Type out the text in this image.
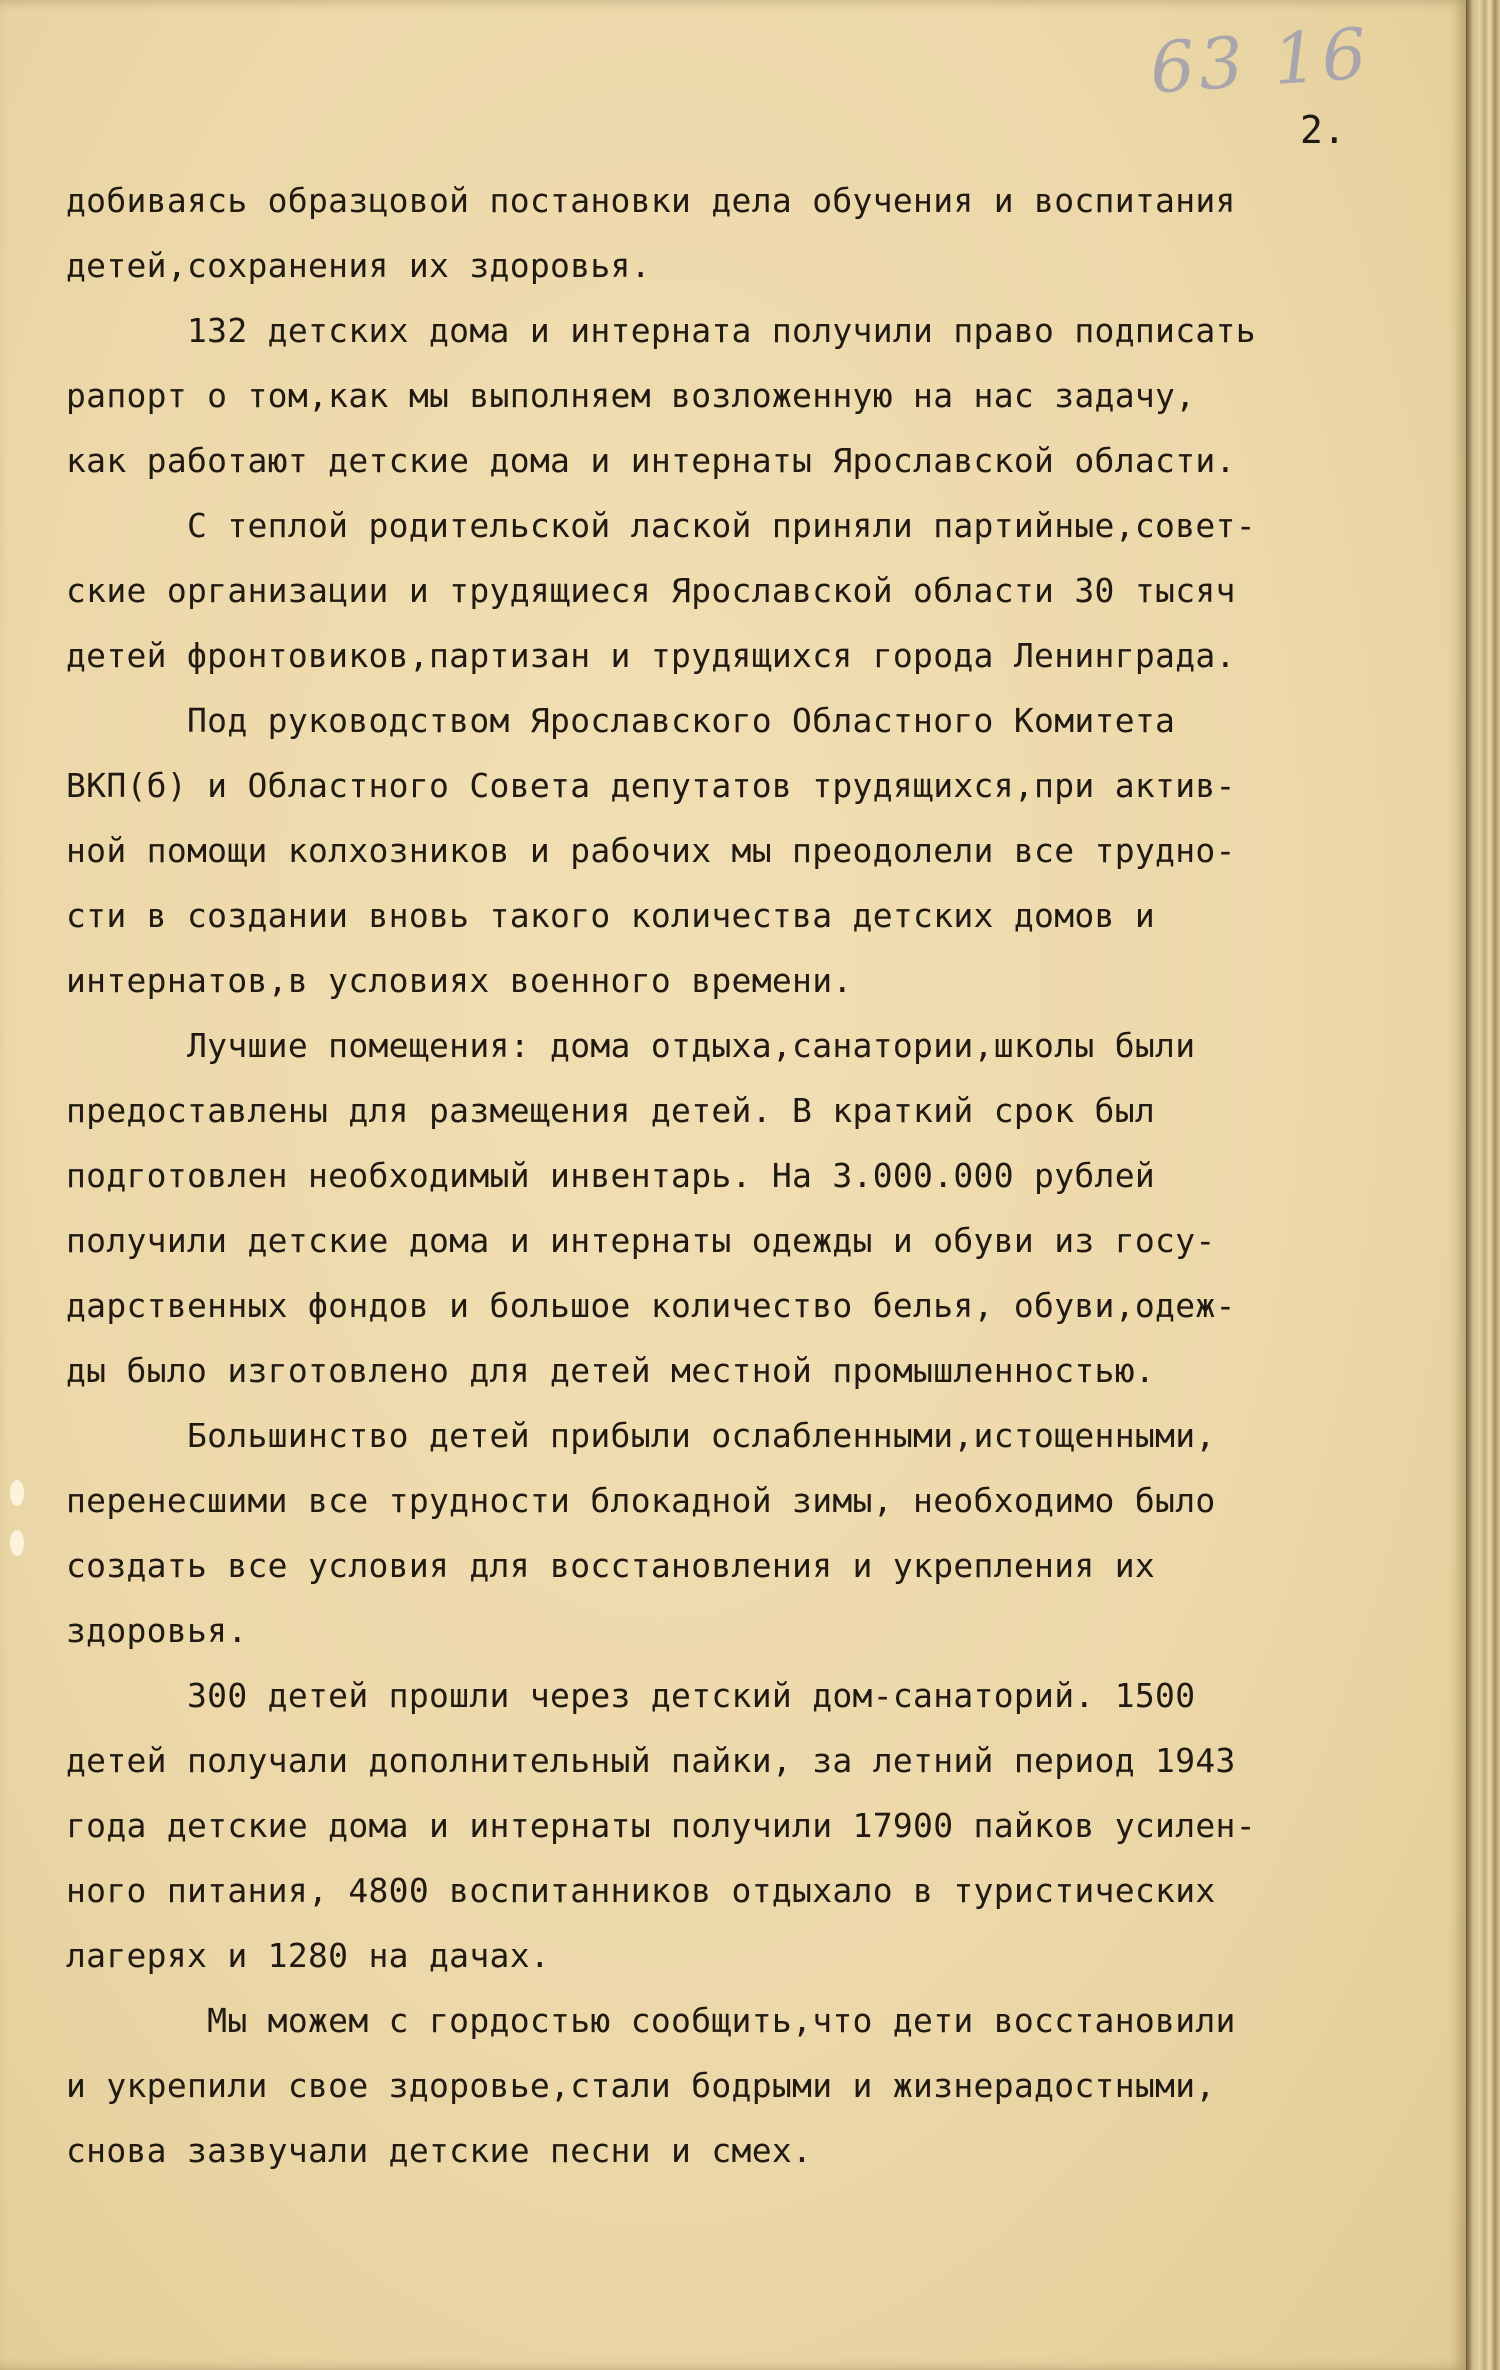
63 16
2.
добиваясь образцовой постановки дела обучения и воспитания
детей,сохранения их здоровья.
132 детских дома и интерната получили право подписать
рапорт о том,как мы выполняем возложенную на нас задачу,
как работают детские дома и интернаты Ярославской области.
С теплой родительской лаской приняли партийные,совет-
ские организации и трудящиеся Ярославской области 30 тысяч
детей фронтовиков,партизан и трудящихся города Ленинграда.
Под руководством Ярославского Областного Комитета
ВКП(б) и Областного Совета депутатов трудящихся,при актив-
ной помощи колхозников и рабочих мы преодолели все трудно-
сти в создании вновь такого количества детских домов и
интернатов,в условиях военного времени.
Лучшие помещения: дома отдыха,санатории,школы были
предоставлены для размещения детей. В краткий срок был
подготовлен необходимый инвентарь. На 3.000.000 рублей
получили детские дома и интернаты одежды и обуви из госу-
дарственных фондов и большое количество белья, обуви,одеж-
ды было изготовлено для детей местной промышленностью.
Большинство детей прибыли ослабленными,истощенными,
перенесшими все трудности блокадной зимы, необходимо было
создать все условия для восстановления и укрепления их
здоровья.
300 детей прошли через детский дом-санаторий. 1500
детей получали дополнительный пайки, за летний период 1943
года детские дома и интернаты получили 17900 пайков усилен-
ного питания, 4800 воспитанников отдыхало в туристических
лагерях и 1280 на дачах.
Мы можем с гордостью сообщить,что дети восстановили
и укрепили свое здоровье,стали бодрыми и жизнерадостными,
снова зазвучали детские песни и смех.
